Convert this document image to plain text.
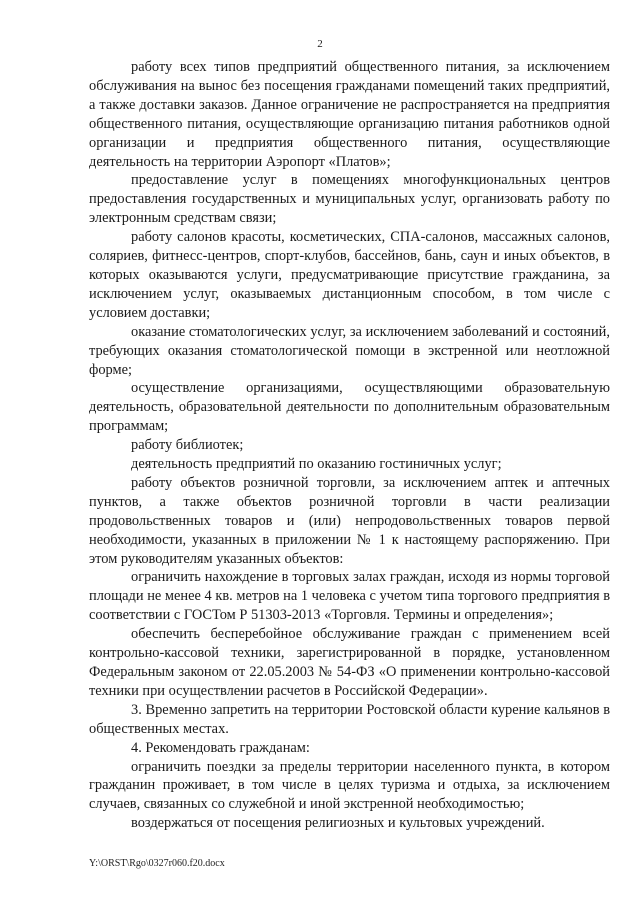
2

работу всех типов предприятий общественного питания, за исключением обслуживания на вынос без посещения гражданами помещений таких предприятий, а также доставки заказов. Данное ограничение не распространяется на предприятия общественного питания, осуществляющие организацию питания работников одной организации и предприятия общественного питания, осуществляющие деятельность на территории Аэропорт «Платов»;

предоставление услуг в помещениях многофункциональных центров предоставления государственных и муниципальных услуг, организовать работу по электронным средствам связи;

работу салонов красоты, косметических, СПА-салонов, массажных салонов, соляриев, фитнесс-центров, спорт-клубов, бассейнов, бань, саун и иных объектов, в которых оказываются услуги, предусматривающие присутствие гражданина, за исключением услуг, оказываемых дистанционным способом, в том числе с условием доставки;

оказание стоматологических услуг, за исключением заболеваний и состояний, требующих оказания стоматологической помощи в экстренной или неотложной форме;

осуществление организациями, осуществляющими образовательную деятельность, образовательной деятельности по дополнительным образовательным программам;

работу библиотек;

деятельность предприятий по оказанию гостиничных услуг;

работу объектов розничной торговли, за исключением аптек и аптечных пунктов, а также объектов розничной торговли в части реализации продовольственных товаров и (или) непродовольственных товаров первой необходимости, указанных в приложении № 1 к настоящему распоряжению. При этом руководителям указанных объектов:

ограничить нахождение в торговых залах граждан, исходя из нормы торговой площади не менее 4 кв. метров на 1 человека с учетом типа торгового предприятия в соответствии с ГОСТом Р 51303-2013 «Торговля. Термины и определения»;

обеспечить бесперебойное обслуживание граждан с применением всей контрольно-кассовой техники, зарегистрированной в порядке, установленном Федеральным законом от 22.05.2003 № 54-ФЗ «О применении контрольно-кассовой техники при осуществлении расчетов в Российской Федерации».

3. Временно запретить на территории Ростовской области курение кальянов в общественных местах.

4. Рекомендовать гражданам:

ограничить поездки за пределы территории населенного пункта, в котором гражданин проживает, в том числе в целях туризма и отдыха, за исключением случаев, связанных со служебной и иной экстренной необходимостью;

воздержаться от посещения религиозных и культовых учреждений.

Y:\ORST\Rgo\0327r060.f20.docx
